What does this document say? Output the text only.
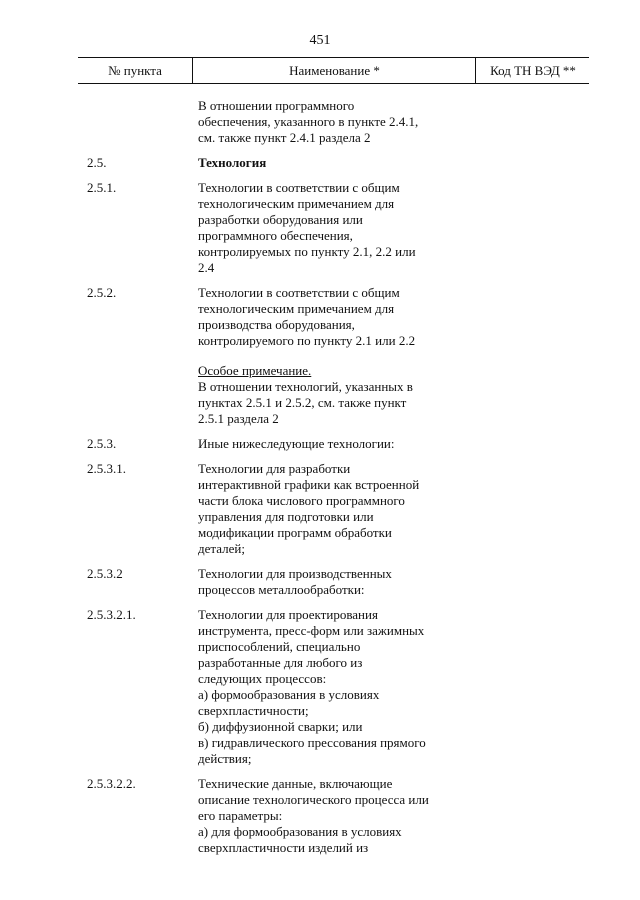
451
№ пункта	Наименование *	Код ТН ВЭД **
В отношении программного
обеспечения, указанного в пункте 2.4.1,
см. также пункт 2.4.1 раздела 2
2.5.	Технология
2.5.1.	Технологии в соответствии с общим
технологическим примечанием для
разработки оборудования или
программного обеспечения,
контролируемых по пункту 2.1, 2.2 или
2.4
2.5.2.	Технологии в соответствии с общим
технологическим примечанием для
производства оборудования,
контролируемого по пункту 2.1 или 2.2
Особое примечание.
В отношении технологий, указанных в
пунктах 2.5.1 и 2.5.2, см. также пункт
2.5.1 раздела 2
2.5.3.	Иные нижеследующие технологии:
2.5.3.1.	Технологии для разработки
интерактивной графики как встроенной
части блока числового программного
управления для подготовки или
модификации программ обработки
деталей;
2.5.3.2	Технологии для производственных
процессов металлообработки:
2.5.3.2.1.	Технологии для проектирования
инструмента, пресс-форм или зажимных
приспособлений, специально
разработанные для любого из
следующих процессов:
а) формообразования в условиях
сверхпластичности;
б) диффузионной сварки; или
в) гидравлического прессования прямого
действия;
2.5.3.2.2.	Технические данные, включающие
описание технологического процесса или
его параметры:
а) для формообразования в условиях
сверхпластичности изделий из
